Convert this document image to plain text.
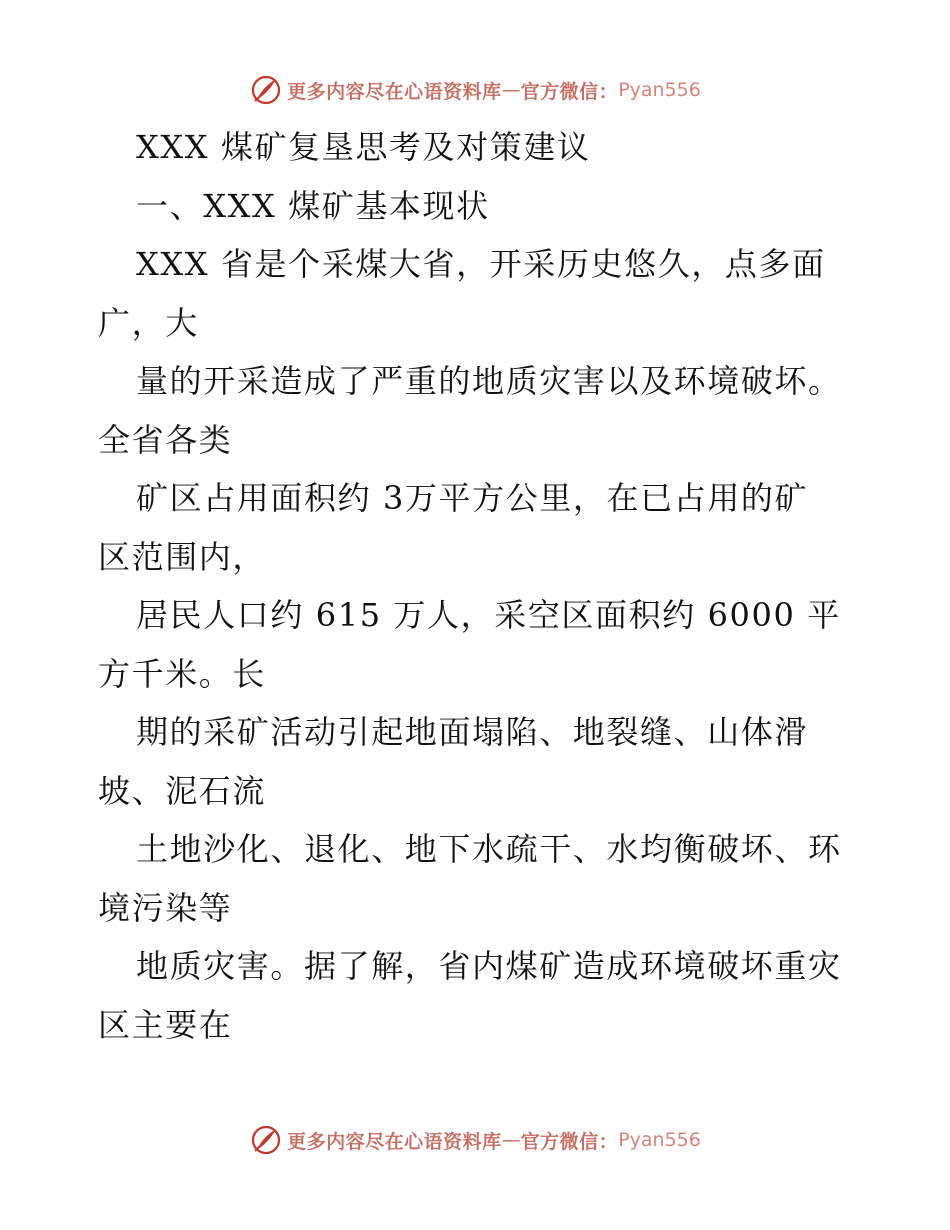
更多内容尽在心语资料库 — 官方微信： Pyan556
XXX 煤矿复垦思考及对策建议
一、XXX 煤矿基本现状
XXX 省是个采煤大省，开采历史悠久，点多面
广，大
量的开采造成了严重的地质灾害以及环境破坏。
全省各类
矿区占用面积约 3万平方公里，在已占用的矿
区范围内，
居民人口约 615 万人，采空区面积约 6000 平
方千米。长
期的采矿活动引起地面塌陷、地裂缝、山体滑
坡、泥石流
土地沙化、退化、地下水疏干、水均衡破坏、环
境污染等
地质灾害。据了解，省内煤矿造成环境破坏重灾
区主要在
更多内容尽在心语资料库 — 官方微信： Pyan556
